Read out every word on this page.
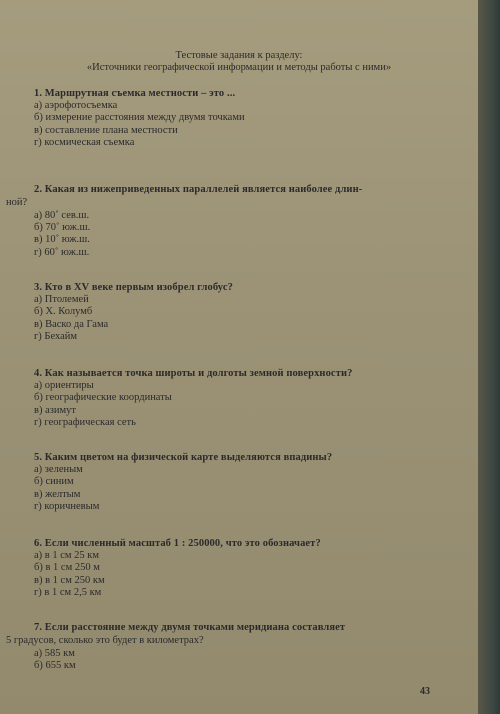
Тестовые задания к разделу:
«Источники географической информации и методы работы с ними»
1. Маршрутная съемка местности – это ...
а) аэрофотосъемка
б) измерение расстояния между двумя точками
в) составление плана местности
г) космическая съемка
2. Какая из нижеприведенных параллелей является наиболее длин-
ной?
а) 80˚ сев.ш.
б) 70˚ юж.ш.
в) 10˚ юж.ш.
г) 60˚ юж.ш.
3. Кто в XV веке первым изобрел глобус?
а) Птолемей
б) Х. Колумб
в) Васко да Гама
г) Бехайм
4. Как называется точка широты и долготы земной поверхности?
а) ориентиры
б) географические координаты
в) азимут
г) географическая сеть
5. Каким цветом на физической карте выделяются впадины?
а) зеленым
б) синим
в) желтым
г) коричневым
6. Если численный масштаб 1 : 250000, что это обозначает?
а) в 1 см 25 км
б) в 1 см 250 м
в) в 1 см 250 км
г) в 1 см 2,5 км
7. Если расстояние между двумя точками меридиана составляет
5 градусов, сколько это будет в километрах?
а) 585 км
б) 655 км
43
